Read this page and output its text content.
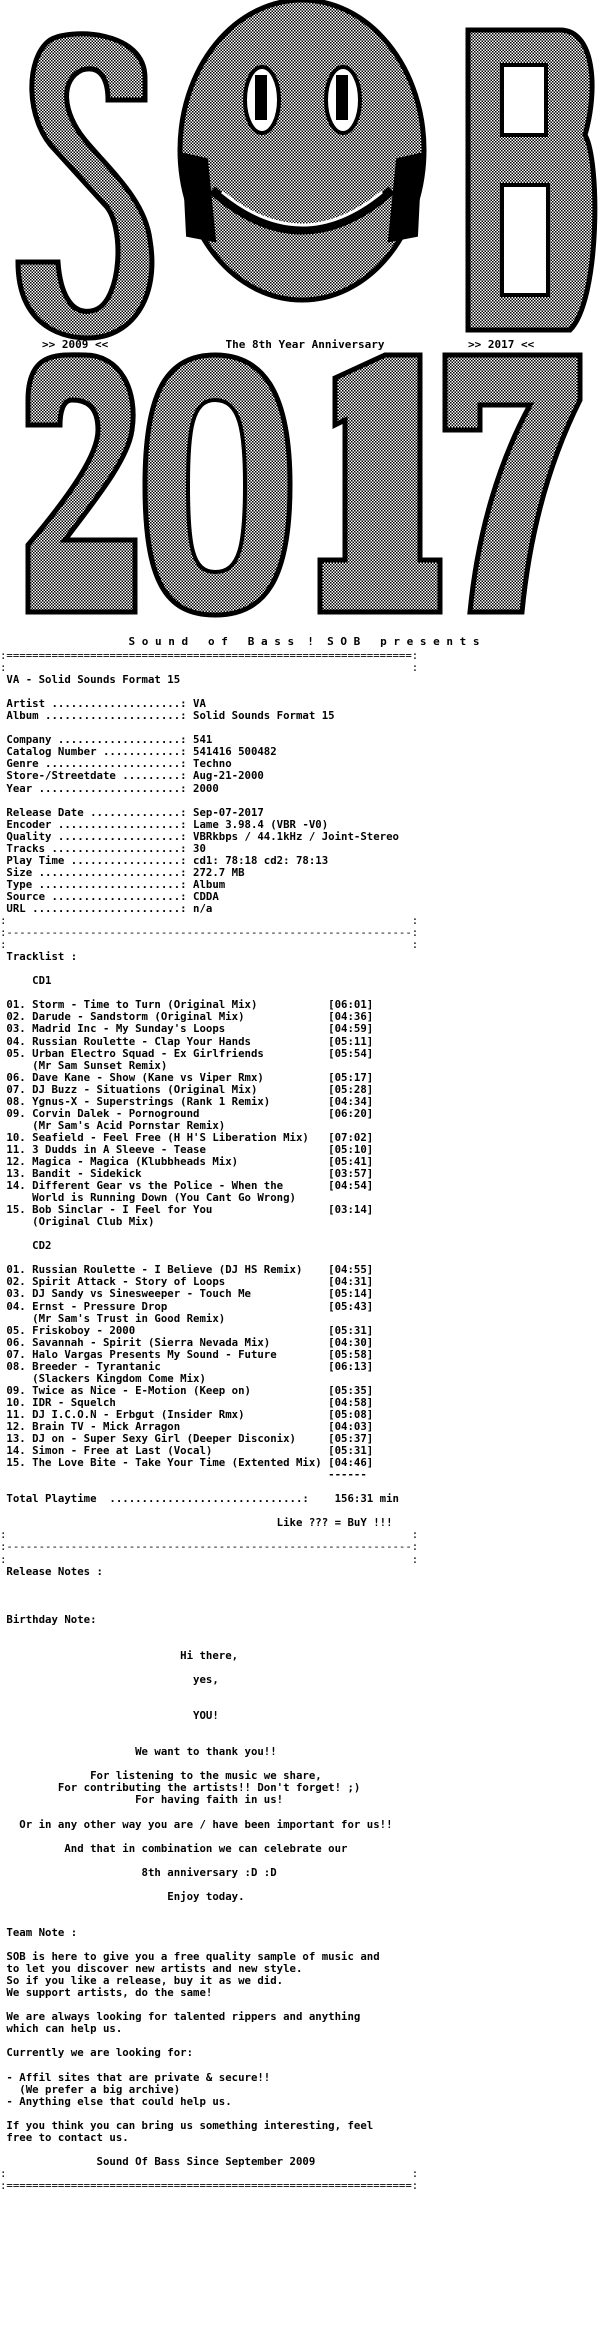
>> 2009 <<	The 8th Year Anniversary	>> 2017 <<
S o u n d   o f   B a s s  !  S O B   p r e s e n t s
:===============================================================:
:                                                               :
VA - Solid Sounds Format 15

Artist ....................: VA
Album .....................: Solid Sounds Format 15

Company ...................: 541
Catalog Number ............: 541416 500482
Genre .....................: Techno
Store-/Streetdate .........: Aug-21-2000
Year ......................: 2000

Release Date ..............: Sep-07-2017
Encoder ...................: Lame 3.98.4 (VBR -V0)
Quality ...................: VBRkbps / 44.1kHz / Joint-Stereo
Tracks ....................: 30
Play Time .................: cd1: 78:18 cd2: 78:13
Size ......................: 272.7 MB
Type ......................: Album
Source ....................: CDDA
URL .......................: n/a
:                                                               :
:---------------------------------------------------------------:
:                                                               :
Tracklist :

CD1

01. Storm - Time to Turn (Original Mix)           [06:01]
02. Darude - Sandstorm (Original Mix)             [04:36]
03. Madrid Inc - My Sunday's Loops                [04:59]
04. Russian Roulette - Clap Your Hands            [05:11]
05. Urban Electro Squad - Ex Girlfriends          [05:54]
(Mr Sam Sunset Remix)
06. Dave Kane - Show (Kane vs Viper Rmx)          [05:17]
07. DJ Buzz - Situations (Original Mix)           [05:28]
08. Ygnus-X - Superstrings (Rank 1 Remix)         [04:34]
09. Corvin Dalek - Pornoground                    [06:20]
(Mr Sam's Acid Pornstar Remix)
10. Seafield - Feel Free (H H'S Liberation Mix)   [07:02]
11. 3 Dudds in A Sleeve - Tease                   [05:10]
12. Magica - Magica (Klubbheads Mix)              [05:41]
13. Bandit - Sidekick                             [03:57]
14. Different Gear vs the Police - When the       [04:54]
World is Running Down (You Cant Go Wrong)
15. Bob Sinclar - I Feel for You                  [03:14]
(Original Club Mix)

CD2

01. Russian Roulette - I Believe (DJ HS Remix)    [04:55]
02. Spirit Attack - Story of Loops                [04:31]
03. DJ Sandy vs Sinesweeper - Touch Me            [05:14]
04. Ernst - Pressure Drop                         [05:43]
(Mr Sam's Trust in Good Remix)
05. Friskoboy - 2000                              [05:31]
06. Savannah - Spirit (Sierra Nevada Mix)         [04:30]
07. Halo Vargas Presents My Sound - Future        [05:58]
08. Breeder - Tyrantanic                          [06:13]
(Slackers Kingdom Come Mix)
09. Twice as Nice - E-Motion (Keep on)            [05:35]
10. IDR - Squelch                                 [04:58]
11. DJ I.C.O.N - Erbgut (Insider Rmx)             [05:08]
12. Brain TV - Mick Arragon                       [04:03]
13. DJ on - Super Sexy Girl (Deeper Disconix)     [05:37]
14. Simon - Free at Last (Vocal)                  [05:31]
15. The Love Bite - Take Your Time (Extented Mix) [04:46]
------

Total Playtime  ..............................:    156:31 min

Like ??? = BuY !!!
:                                                               :
:---------------------------------------------------------------:
:                                                               :
Release Notes :

Birthday Note:

Hi there,

yes,

YOU!

We want to thank you!!

For listening to the music we share,
For contributing the artists!! Don't forget! ;)
For having faith in us!

Or in any other way you are / have been important for us!!

And that in combination we can celebrate our

8th anniversary :D :D

Enjoy today.

Team Note :

SOB is here to give you a free quality sample of music and
to let you discover new artists and new style.
So if you like a release, buy it as we did.
We support artists, do the same!

We are always looking for talented rippers and anything
which can help us.

Currently we are looking for:

- Affil sites that are private & secure!!
(We prefer a big archive)
- Anything else that could help us.

If you think you can bring us something interesting, feel
free to contact us.

Sound Of Bass Since September 2009
:                                                               :
:===============================================================:
